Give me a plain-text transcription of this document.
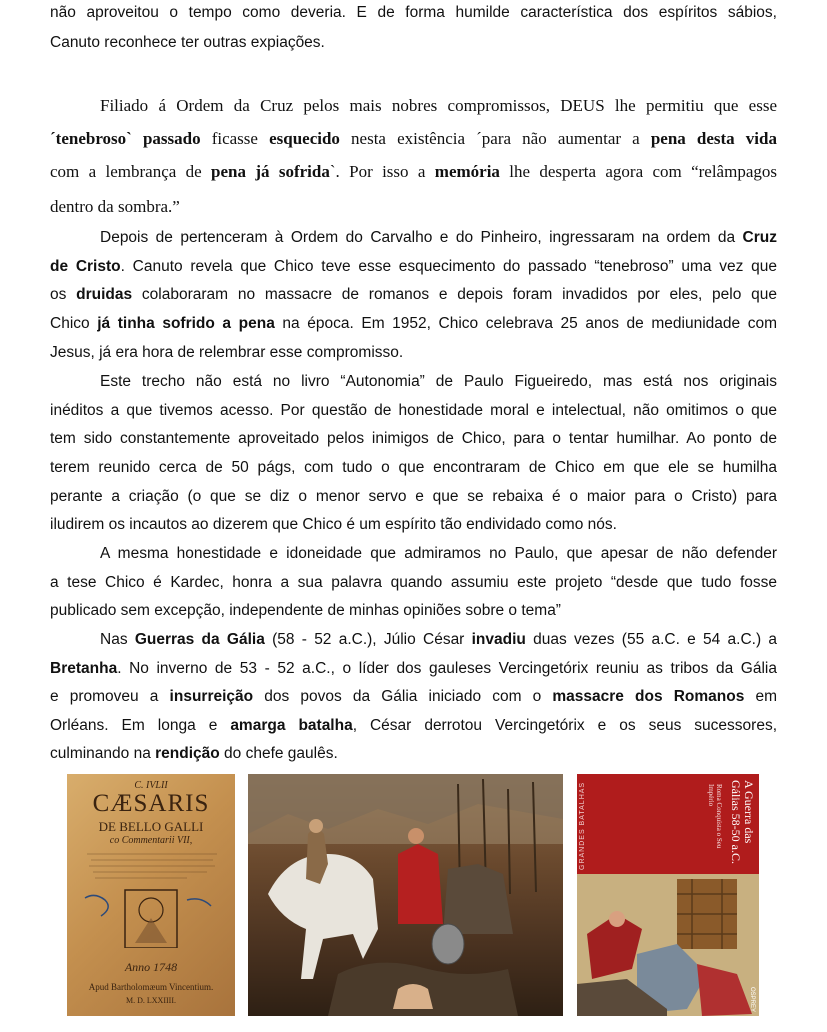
não aproveitou o tempo como deveria. E de forma humilde característica dos espíritos sábios,
Canuto reconhece ter outras expiações.
Filiado á Ordem da Cruz pelos mais nobres compromissos, DEUS lhe permitiu que esse
´tenebroso` passado ficasse esquecido nesta existência ´para não aumentar a pena desta vida
com a lembrança de pena já sofrida`. Por isso a memória lhe desperta agora com “relâmpagos
dentro da sombra.”
Depois de pertenceram à Ordem do Carvalho e do Pinheiro, ingressaram na ordem da Cruz
de Cristo. Canuto revela que Chico teve esse esquecimento do passado “tenebroso” uma vez que
os druidas colaboraram no massacre de romanos e depois foram invadidos por eles, pelo que
Chico já tinha sofrido a pena na época. Em 1952, Chico celebrava 25 anos de mediunidade com
Jesus, já era hora de relembrar esse compromisso.
Este trecho não está no livro “Autonomia” de Paulo Figueiredo, mas está nos originais
inéditos a que tivemos acesso. Por questão de honestidade moral e intelectual, não omitimos o que
tem sido constantemente aproveitado pelos inimigos de Chico, para o tentar humilhar. Ao ponto de
terem reunido cerca de 50 págs, com tudo o que encontraram de Chico em que ele se humilha
perante a criação (o que se diz o menor servo e que se rebaixa é o maior para o Cristo) para
iludirem os incautos ao dizerem que Chico é um espírito tão endividado como nós.
A mesma honestidade e idoneidade que admiramos no Paulo, que apesar de não defender
a tese Chico é Kardec, honra a sua palavra quando assumiu este projeto “desde que tudo fosse
publicado sem excepção, independente de minhas opiniões sobre o tema”
Nas Guerras da Gália (58 - 52 a.C.), Júlio César invadiu duas vezes (55 a.C. e 54 a.C.) a
Bretanha. No inverno de 53 - 52 a.C., o líder dos gauleses Vercingetórix reuniu as tribos da Gália
e promoveu a insurreição dos povos da Gália iniciado com o massacre dos Romanos em
Orléans. Em longa e amarga batalha, César derrotou Vercingetórix e os seus sucessores,
culminando na rendição do chefe gaulês.
C. IVLII
CÆSARIS
DE BELLO GALLI
co Commentarii VII,
Anno 1748
Apud Bartholomæum Vincentium.
M. D. LXXIIII.
GRANDES BATALHAS	A Guerra das
Gálias 58-50 a.C.
Roma Conquista o Seu Império
OSPREY
